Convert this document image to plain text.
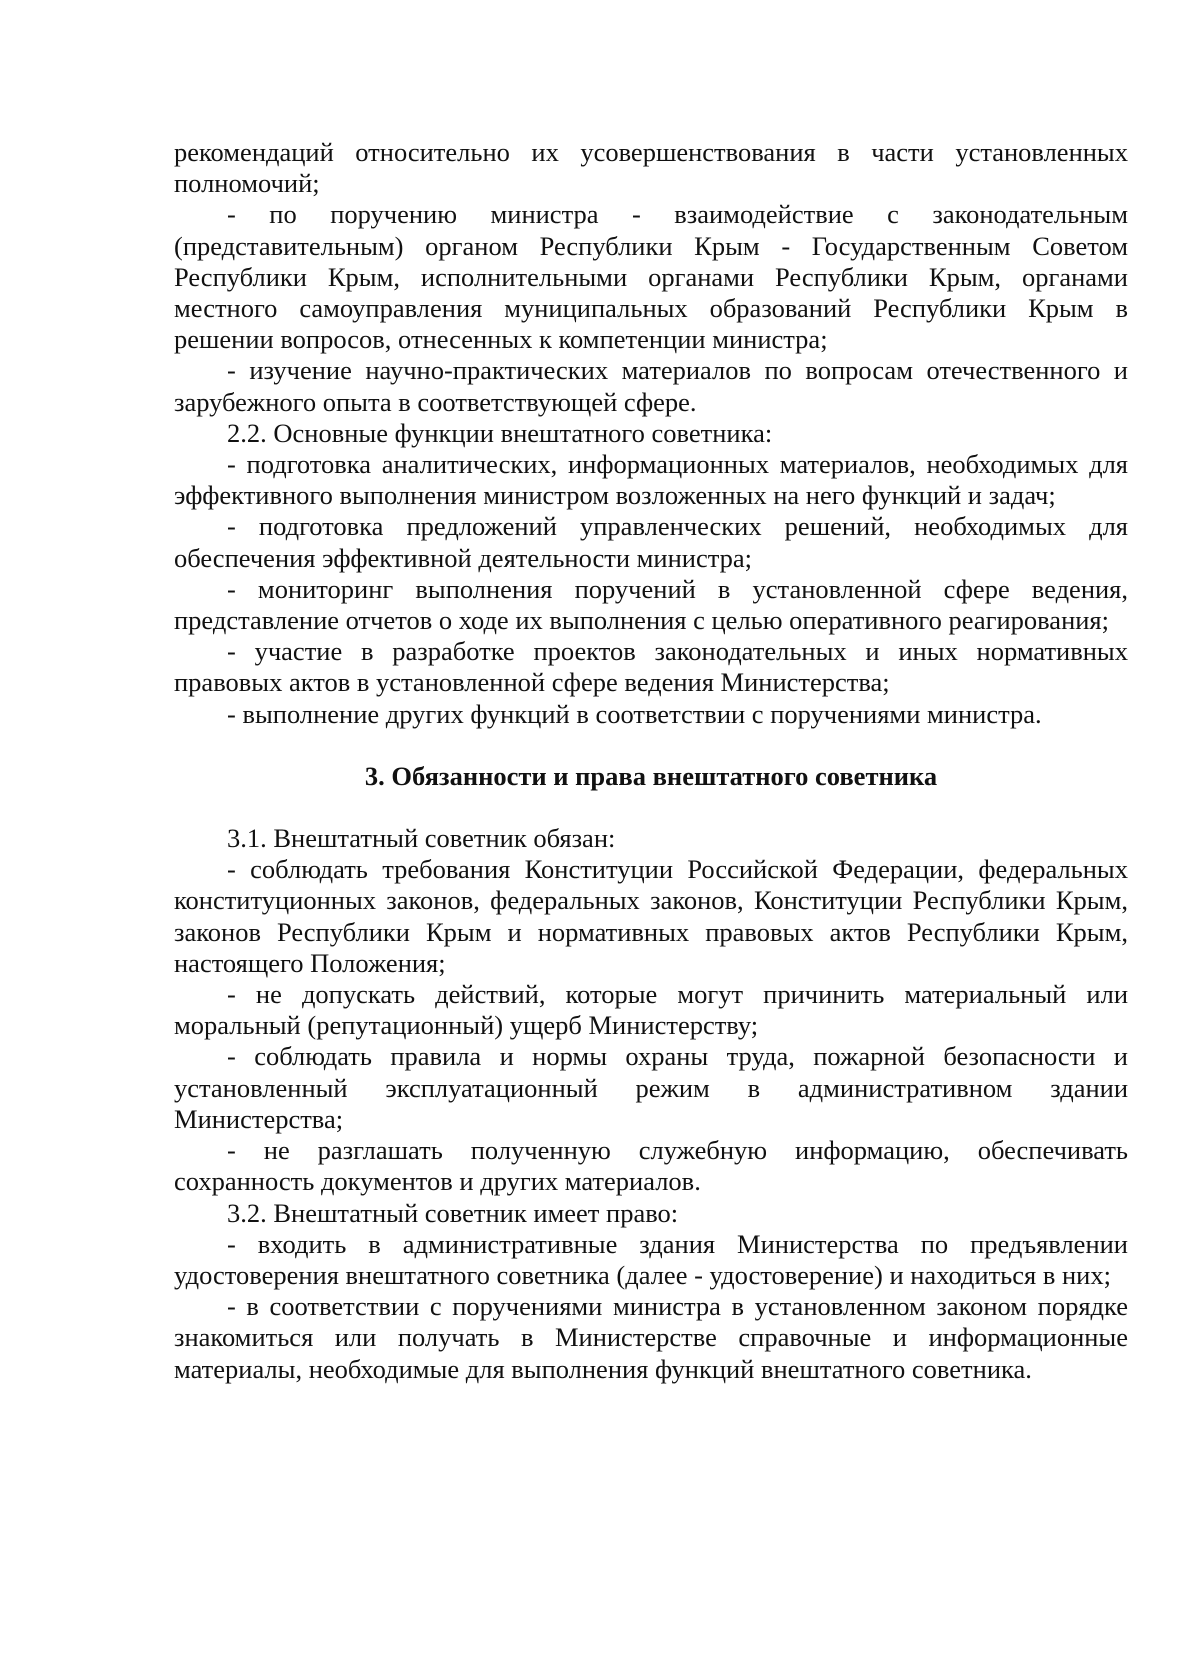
рекомендаций относительно их усовершенствования в части установленных полномочий;

- по поручению министра - взаимодействие с законодательным (представительным) органом Республики Крым - Государственным Советом Республики Крым, исполнительными органами Республики Крым, органами местного самоуправления муниципальных образований Республики Крым в решении вопросов, отнесенных к компетенции министра;

- изучение научно-практических материалов по вопросам отечественного и зарубежного опыта в соответствующей сфере.

2.2. Основные функции внештатного советника:

- подготовка аналитических, информационных материалов, необходимых для эффективного выполнения министром возложенных на него функций и задач;

- подготовка предложений управленческих решений, необходимых для обеспечения эффективной деятельности министра;

- мониторинг выполнения поручений в установленной сфере ведения, представление отчетов о ходе их выполнения с целью оперативного реагирования;

- участие в разработке проектов законодательных и иных нормативных правовых актов в установленной сфере ведения Министерства;

- выполнение других функций в соответствии с поручениями министра.

3. Обязанности и права внештатного советника

3.1. Внештатный советник обязан:

- соблюдать требования Конституции Российской Федерации, федеральных конституционных законов, федеральных законов, Конституции Республики Крым, законов Республики Крым и нормативных правовых актов Республики Крым, настоящего Положения;

- не допускать действий, которые могут причинить материальный или моральный (репутационный) ущерб Министерству;

- соблюдать правила и нормы охраны труда, пожарной безопасности и установленный эксплуатационный режим в административном здании Министерства;

- не разглашать полученную служебную информацию, обеспечивать сохранность документов и других материалов.

3.2. Внештатный советник имеет право:

- входить в административные здания Министерства по предъявлении удостоверения внештатного советника (далее - удостоверение) и находиться в них;

- в соответствии с поручениями министра в установленном законом порядке знакомиться или получать в Министерстве справочные и информационные материалы, необходимые для выполнения функций внештатного советника.
